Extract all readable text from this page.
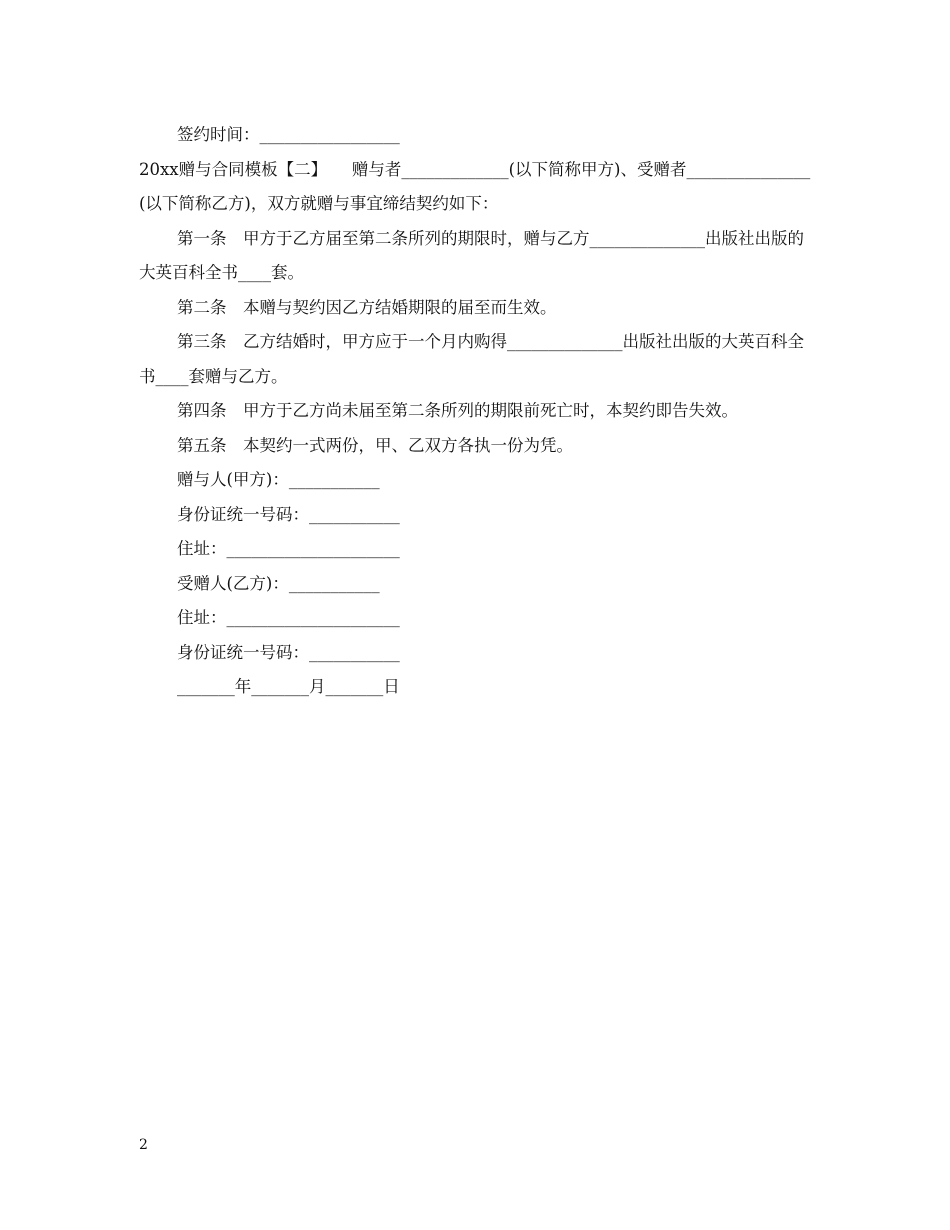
签约时间：_________________

20xx赠与合同模板【二】　　赠与者_____________(以下简称甲方)、受赠者_______________(以下简称乙方)，双方就赠与事宜缔结契约如下：

第一条　甲方于乙方届至第二条所列的期限时，赠与乙方______________出版社出版的大英百科全书____套。

第二条　本赠与契约因乙方结婚期限的届至而生效。

第三条　乙方结婚时，甲方应于一个月内购得______________出版社出版的大英百科全书____套赠与乙方。

第四条　甲方于乙方尚未届至第二条所列的期限前死亡时，本契约即告失效。

第五条　本契约一式两份，甲、乙双方各执一份为凭。

赠与人(甲方)：___________

身份证统一号码：___________

住址：_____________________

受赠人(乙方)：___________

住址：_____________________

身份证统一号码：___________

_______年_______月_______日

2
